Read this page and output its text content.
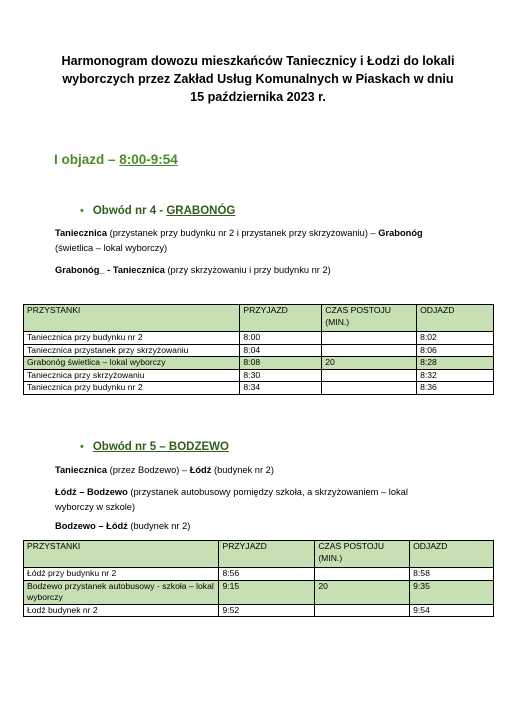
Harmonogram dowozu mieszkańców Taniecznicy i Łodzi do lokali
wyborczych przez Zakład Usług Komunalnych w Piaskach w dniu
15 października 2023 r.
I objazd – 8:00-9:54
• Obwód nr 4 - GRABONÓG
Taniecznica (przystanek przy budynku nr 2 i przystanek przy skrzyżowaniu) – Grabonóg
(świetlica – lokal wyborczy)
Grabonóg_ - Taniecznica (przy skrzyżowaniu i przy budynku nr 2)
PRZYSTANKI	PRZYJAZD	CZAS POSTOJU (MIN.)	ODJAZD
Taniecznica przy budynku nr 2	8:00		8:02
Taniecznica przystanek przy skrzyżowaniu	8:04		8:06
Grabonóg świetlica – lokal wyborczy	8:08	20	8:28
Taniecznica przy skrzyżowaniu	8:30		8:32
Taniecznica przy budynku nr 2	8:34		8:36
• Obwód nr 5 – BODZEWO
Taniecznica (przez Bodzewo) – Łódź (budynek nr 2)
Łódź – Bodzewo (przystanek autobusowy pomiędzy szkoła, a skrzyżowaniem – lokal
wyborczy w szkole)
Bodzewo – Łódź (budynek nr 2)
PRZYSTANKI	PRZYJAZD	CZAS POSTOJU (MIN.)	ODJAZD
Łódź przy budynku nr 2	8:56		8:58
Bodzewo przystanek autobusowy - szkoła – lokal wyborczy	9:15	20	9:35
Łodź budynek nr 2	9:52		9:54
